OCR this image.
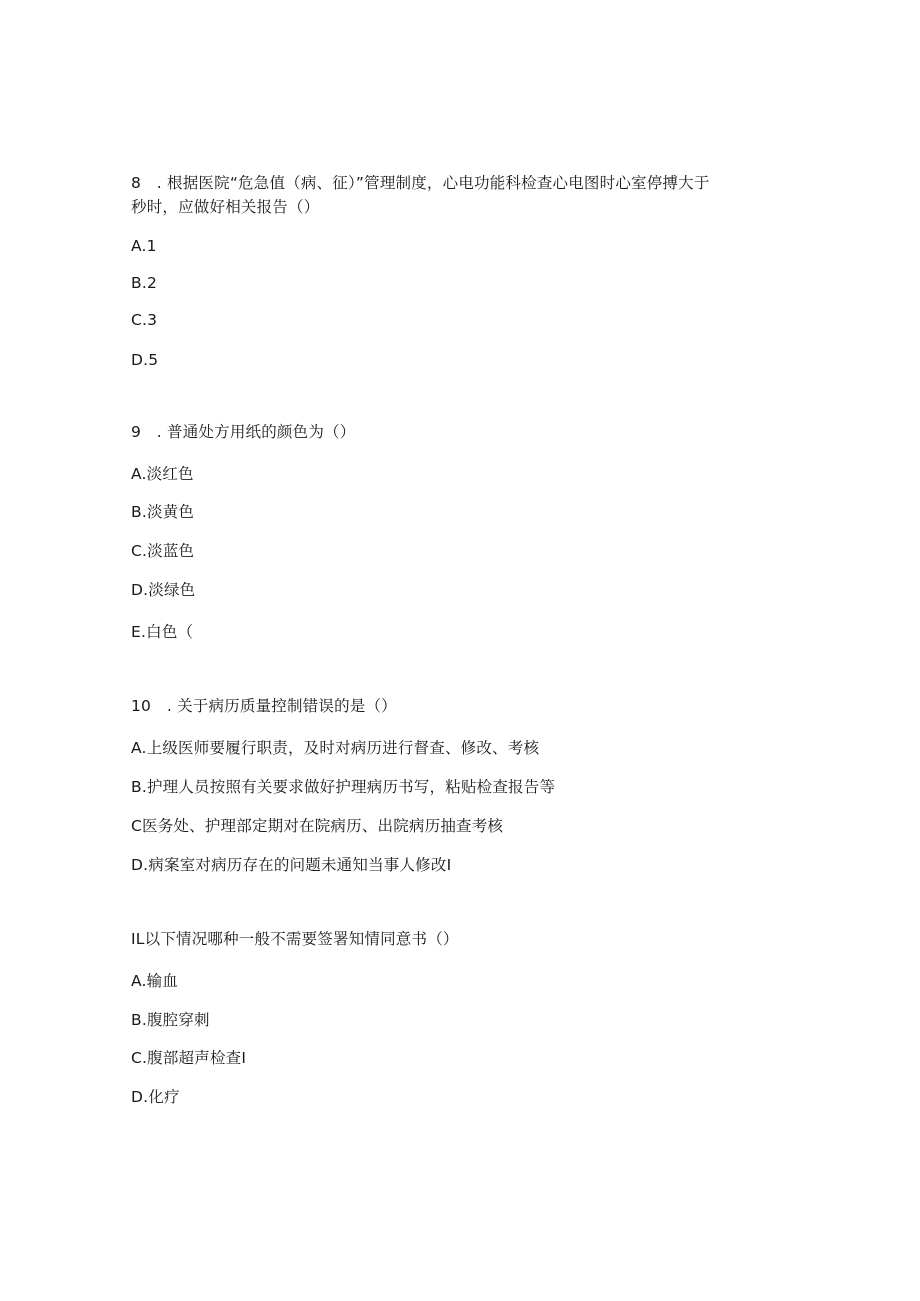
8　. 根据医院“危急值（病、征）”管理制度，心电功能科检查心电图时心室停搏大于
秒时，应做好相关报告（）
A.1
B.2
C.3
D.5
9　. 普通处方用纸的颜色为（）
A.淡红色
B.淡黄色
C.淡蓝色
D.淡绿色
E.白色（
10　. 关于病历质量控制错误的是（）
A.上级医师要履行职责，及时对病历进行督查、修改、考核
B.护理人员按照有关要求做好护理病历书写，粘贴检查报告等
C医务处、护理部定期对在院病历、出院病历抽查考核
D.病案室对病历存在的问题未通知当事人修改I
IL以下情况哪种一般不需要签署知情同意书（）
A.输血
B.腹腔穿刺
C.腹部超声检查I
D.化疗
